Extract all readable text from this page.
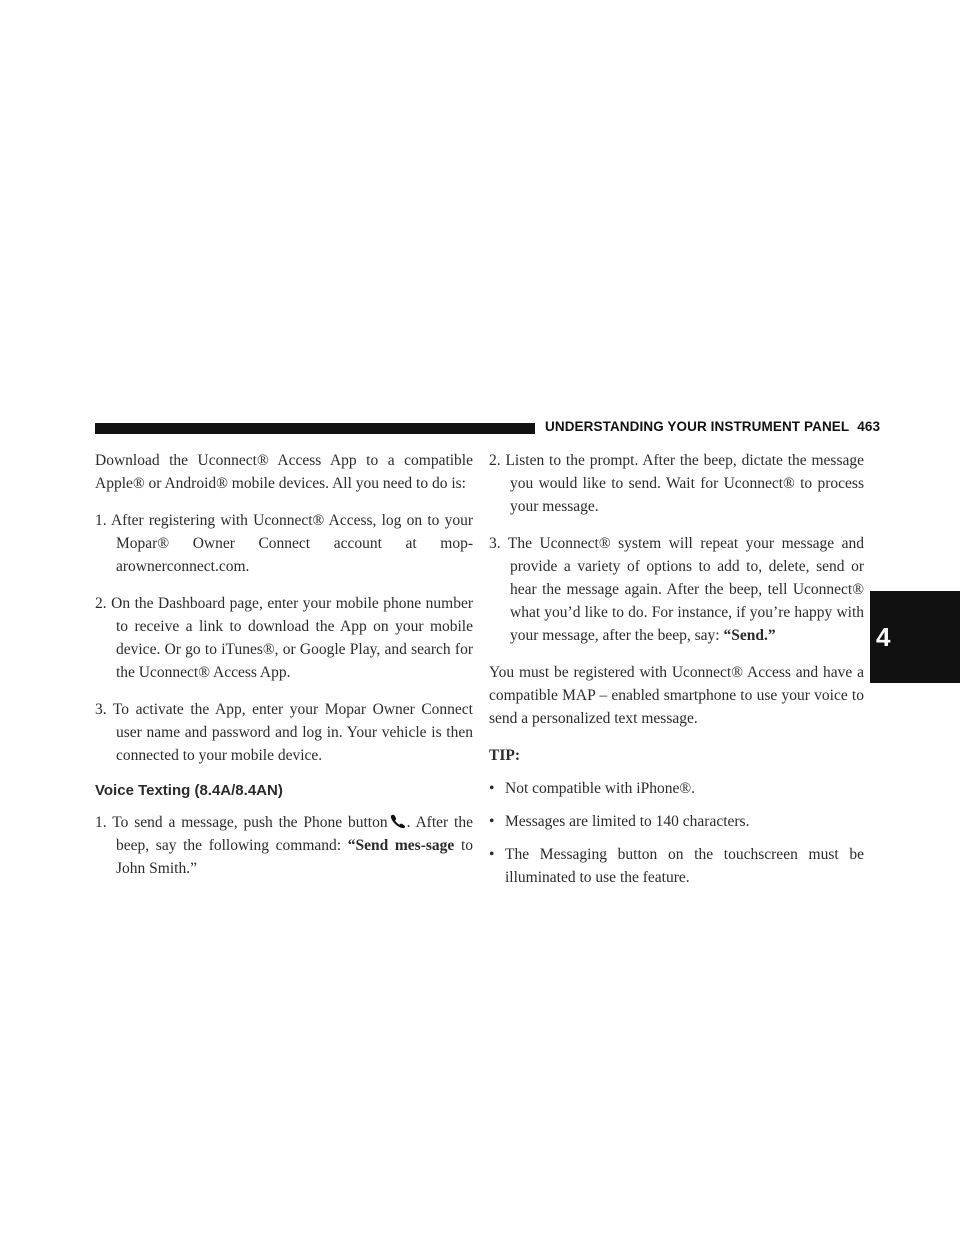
UNDERSTANDING YOUR INSTRUMENT PANEL 463
4

Download the Uconnect® Access App to a compatible Apple® or Android® mobile devices. All you need to do is:

1. After registering with Uconnect® Access, log on to your Mopar® Owner Connect account at mop-arownerconnect.com.
2. On the Dashboard page, enter your mobile phone number to receive a link to download the App on your mobile device. Or go to iTunes®, or Google Play, and search for the Uconnect® Access App.
3. To activate the App, enter your Mopar Owner Connect user name and password and log in. Your vehicle is then connected to your mobile device.
Voice Texting (8.4A/8.4AN)
1. To send a message, push the Phone button . After the beep, say the following command: “Send mes-sage to John Smith.”
2. Listen to the prompt. After the beep, dictate the message you would like to send. Wait for Uconnect® to process your message.
3. The Uconnect® system will repeat your message and provide a variety of options to add to, delete, send or hear the message again. After the beep, tell Uconnect® what you’d like to do. For instance, if you’re happy with your message, after the beep, say: “Send.”

You must be registered with Uconnect® Access and have a compatible MAP – enabled smartphone to use your voice to send a personalized text message.

TIP:

• Not compatible with iPhone®.
• Messages are limited to 140 characters.
• The Messaging button on the touchscreen must be illuminated to use the feature.
